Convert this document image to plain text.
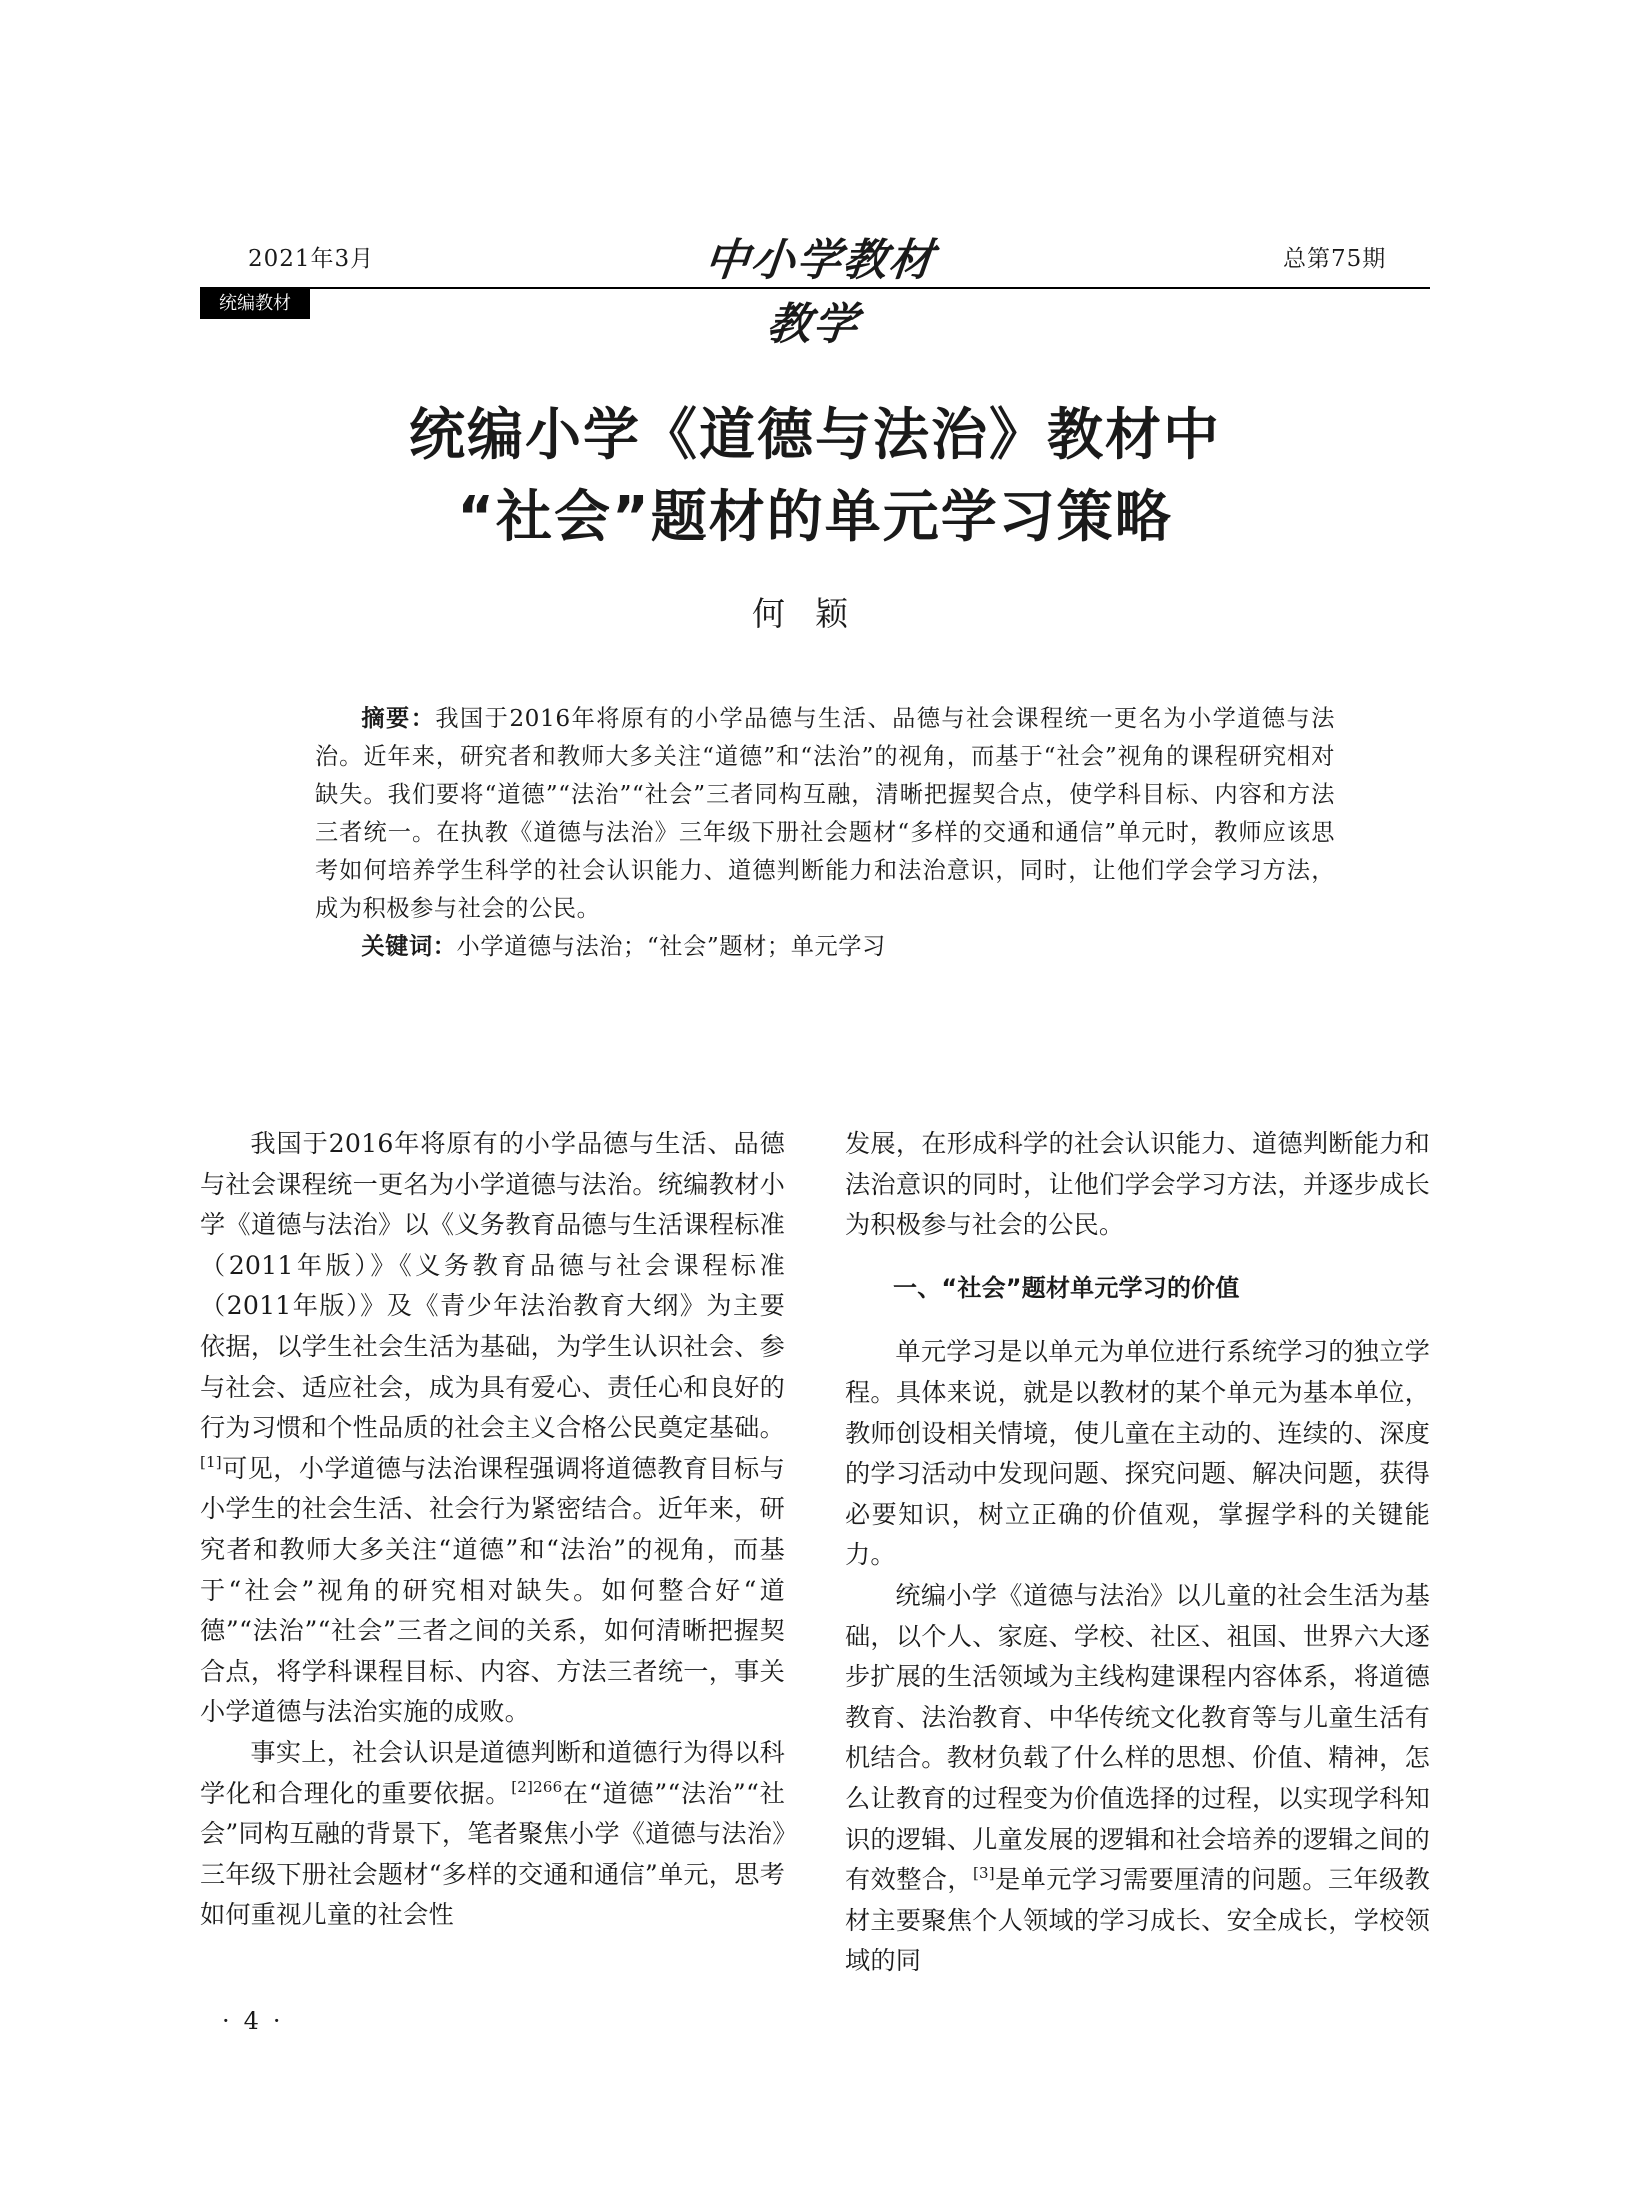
2021年3月	中小学教材教学
总第75期
统编教材
统编小学《道德与法治》教材中
“社会”题材的单元学习策略
何颖

摘要：我国于2016年将原有的小学品德与生活、品德与社会课程统一更名为小学道德与法治。近年来，研究者和教师大多关注“道德”和“法治”的视角，而基于“社会”视角的课程研究相对缺失。我们要将“道德”“法治”“社会”三者同构互融，清晰把握契合点，使学科目标、内容和方法三者统一。在执教《道德与法治》三年级下册社会题材“多样的交通和通信”单元时，教师应该思考如何培养学生科学的社会认识能力、道德判断能力和法治意识，同时，让他们学会学习方法，成为积极参与社会的公民。

关键词：小学道德与法治；“社会”题材；单元学习

我国于2016年将原有的小学品德与生活、品德与社会课程统一更名为小学道德与法治。统编教材小学《道德与法治》以《义务教育品德与生活课程标准（2011年版）》《义务教育品德与社会课程标准（2011年版）》及《青少年法治教育大纲》为主要依据，以学生社会生活为基础，为学生认识社会、参与社会、适应社会，成为具有爱心、责任心和良好的行为习惯和个性品质的社会主义合格公民奠定基础。[1]可见，小学道德与法治课程强调将道德教育目标与小学生的社会生活、社会行为紧密结合。近年来，研究者和教师大多关注“道德”和“法治”的视角，而基于“社会”视角的研究相对缺失。如何整合好“道德”“法治”“社会”三者之间的关系，如何清晰把握契合点，将学科课程目标、内容、方法三者统一，事关小学道德与法治实施的成败。

事实上，社会认识是道德判断和道德行为得以科学化和合理化的重要依据。$^{[2]266}$在“道德”“法治”“社会”同构互融的背景下，笔者聚焦小学《道德与法治》三年级下册社会题材“多样的交通和通信”单元，思考如何重视儿童的社会性

发展，在形成科学的社会认识能力、道德判断能力和法治意识的同时，让他们学会学习方法，并逐步成长为积极参与社会的公民。

一、“社会”题材单元学习的价值

单元学习是以单元为单位进行系统学习的独立学程。具体来说，就是以教材的某个单元为基本单位，教师创设相关情境，使儿童在主动的、连续的、深度的学习活动中发现问题、探究问题、解决问题，获得必要知识，树立正确的价值观，掌握学科的关键能力。

统编小学《道德与法治》以儿童的社会生活为基础，以个人、家庭、学校、社区、祖国、世界六大逐步扩展的生活领域为主线构建课程内容体系，将道德教育、法治教育、中华传统文化教育等与儿童生活有机结合。教材负载了什么样的思想、价值、精神，怎么让教育的过程变为价值选择的过程，以实现学科知识的逻辑、儿童发展的逻辑和社会培养的逻辑之间的有效整合，[3]是单元学习需要厘清的问题。三年级教材主要聚焦个人领域的学习成长、安全成长，学校领域的同

·4·
